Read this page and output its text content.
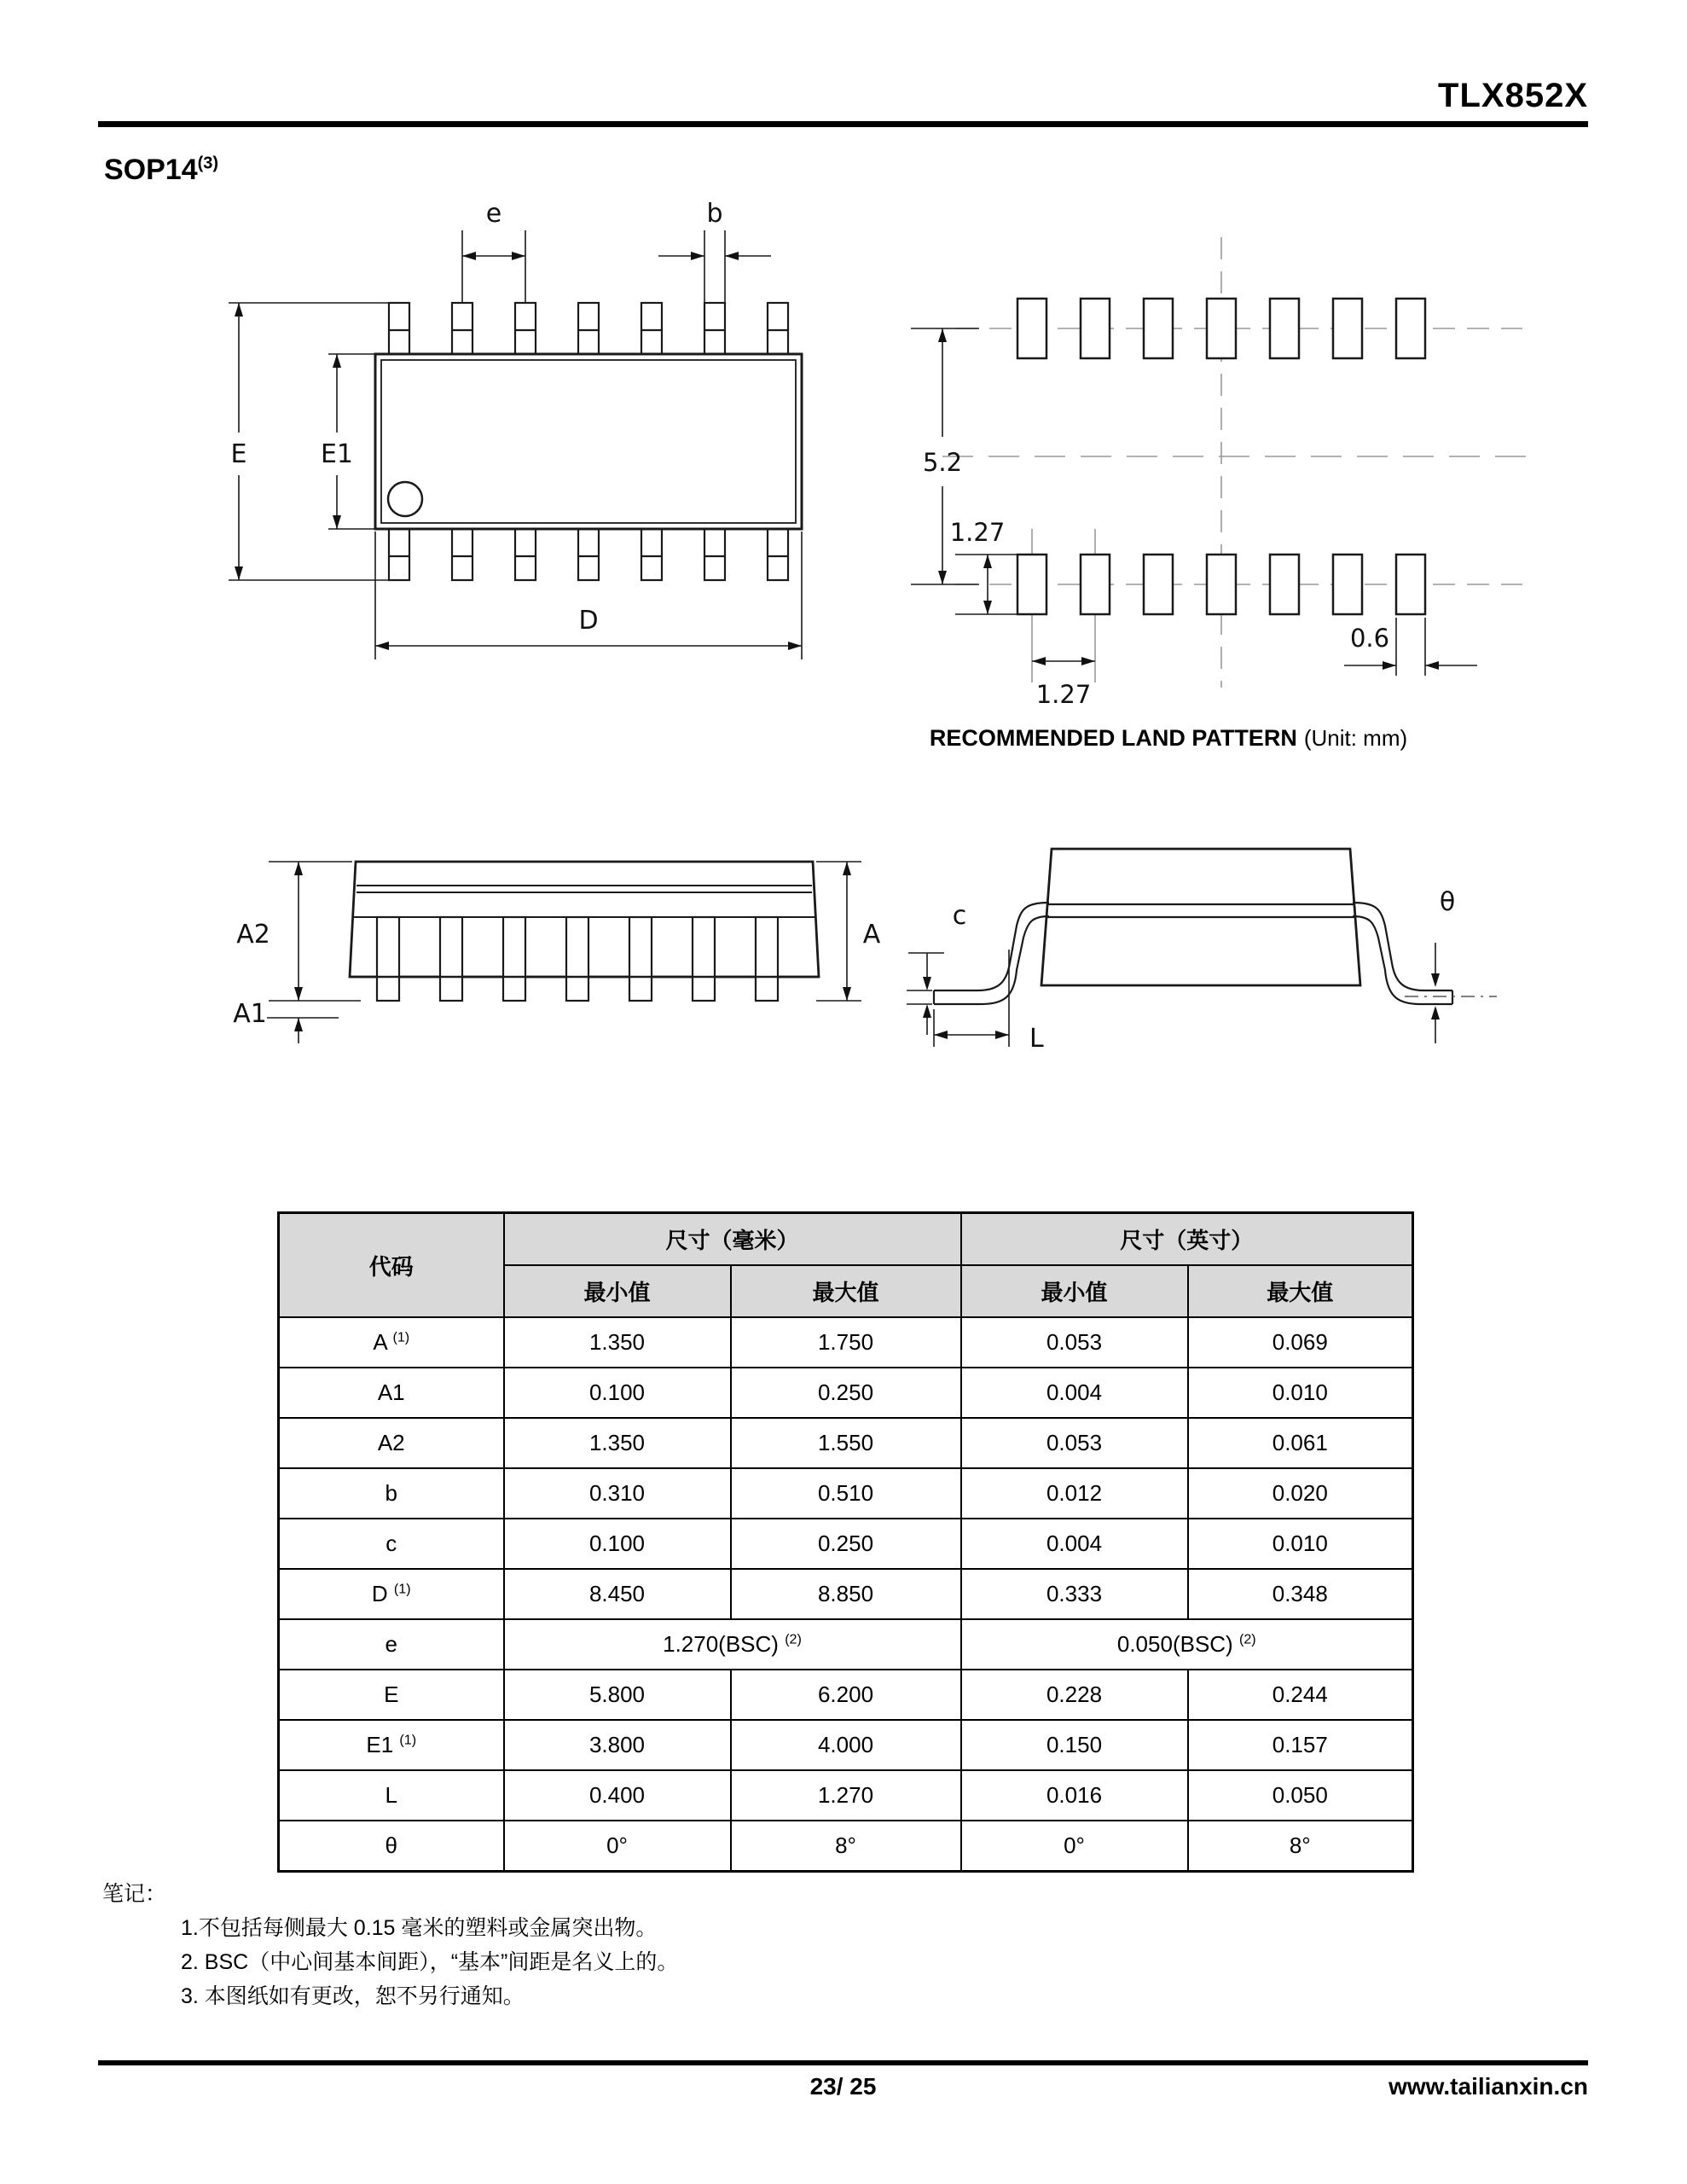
TLX852X
SOP14$^{(3)}$
e	b
E	E1
D
5.2
1.27
1.27
0.6
RECOMMENDED LAND PATTERN (Unit: mm)
A2
A1
A
c	θ
L
代码	尺寸（毫米）		尺寸（英寸）	
	最小值	最大值	最小值	最大值
A $^{(1)}$	1.350	1.750	0.053	0.069
A1	0.100	0.250	0.004	0.010
A2	1.350	1.550	0.053	0.061
b	0.310	0.510	0.012	0.020
c	0.100	0.250	0.004	0.010
D $^{(1)}$	8.450	8.850	0.333	0.348
e	1.270(BSC) $^{(2)}$		0.050(BSC) $^{(2)}$
E	5.800	6.200	0.228	0.244
E1 $^{(1)}$	3.800	4.000	0.150	0.157
L	0.400	1.270	0.016	0.050
θ	0°	8°	0°	8°
笔记：
1.不包括每侧最大 0.15 毫米的塑料或金属突出物。
2. BSC（中心间基本间距），“基本”间距是名义上的。
3. 本图纸如有更改，恕不另行通知。
23/ 25	www.tailianxin.cn
